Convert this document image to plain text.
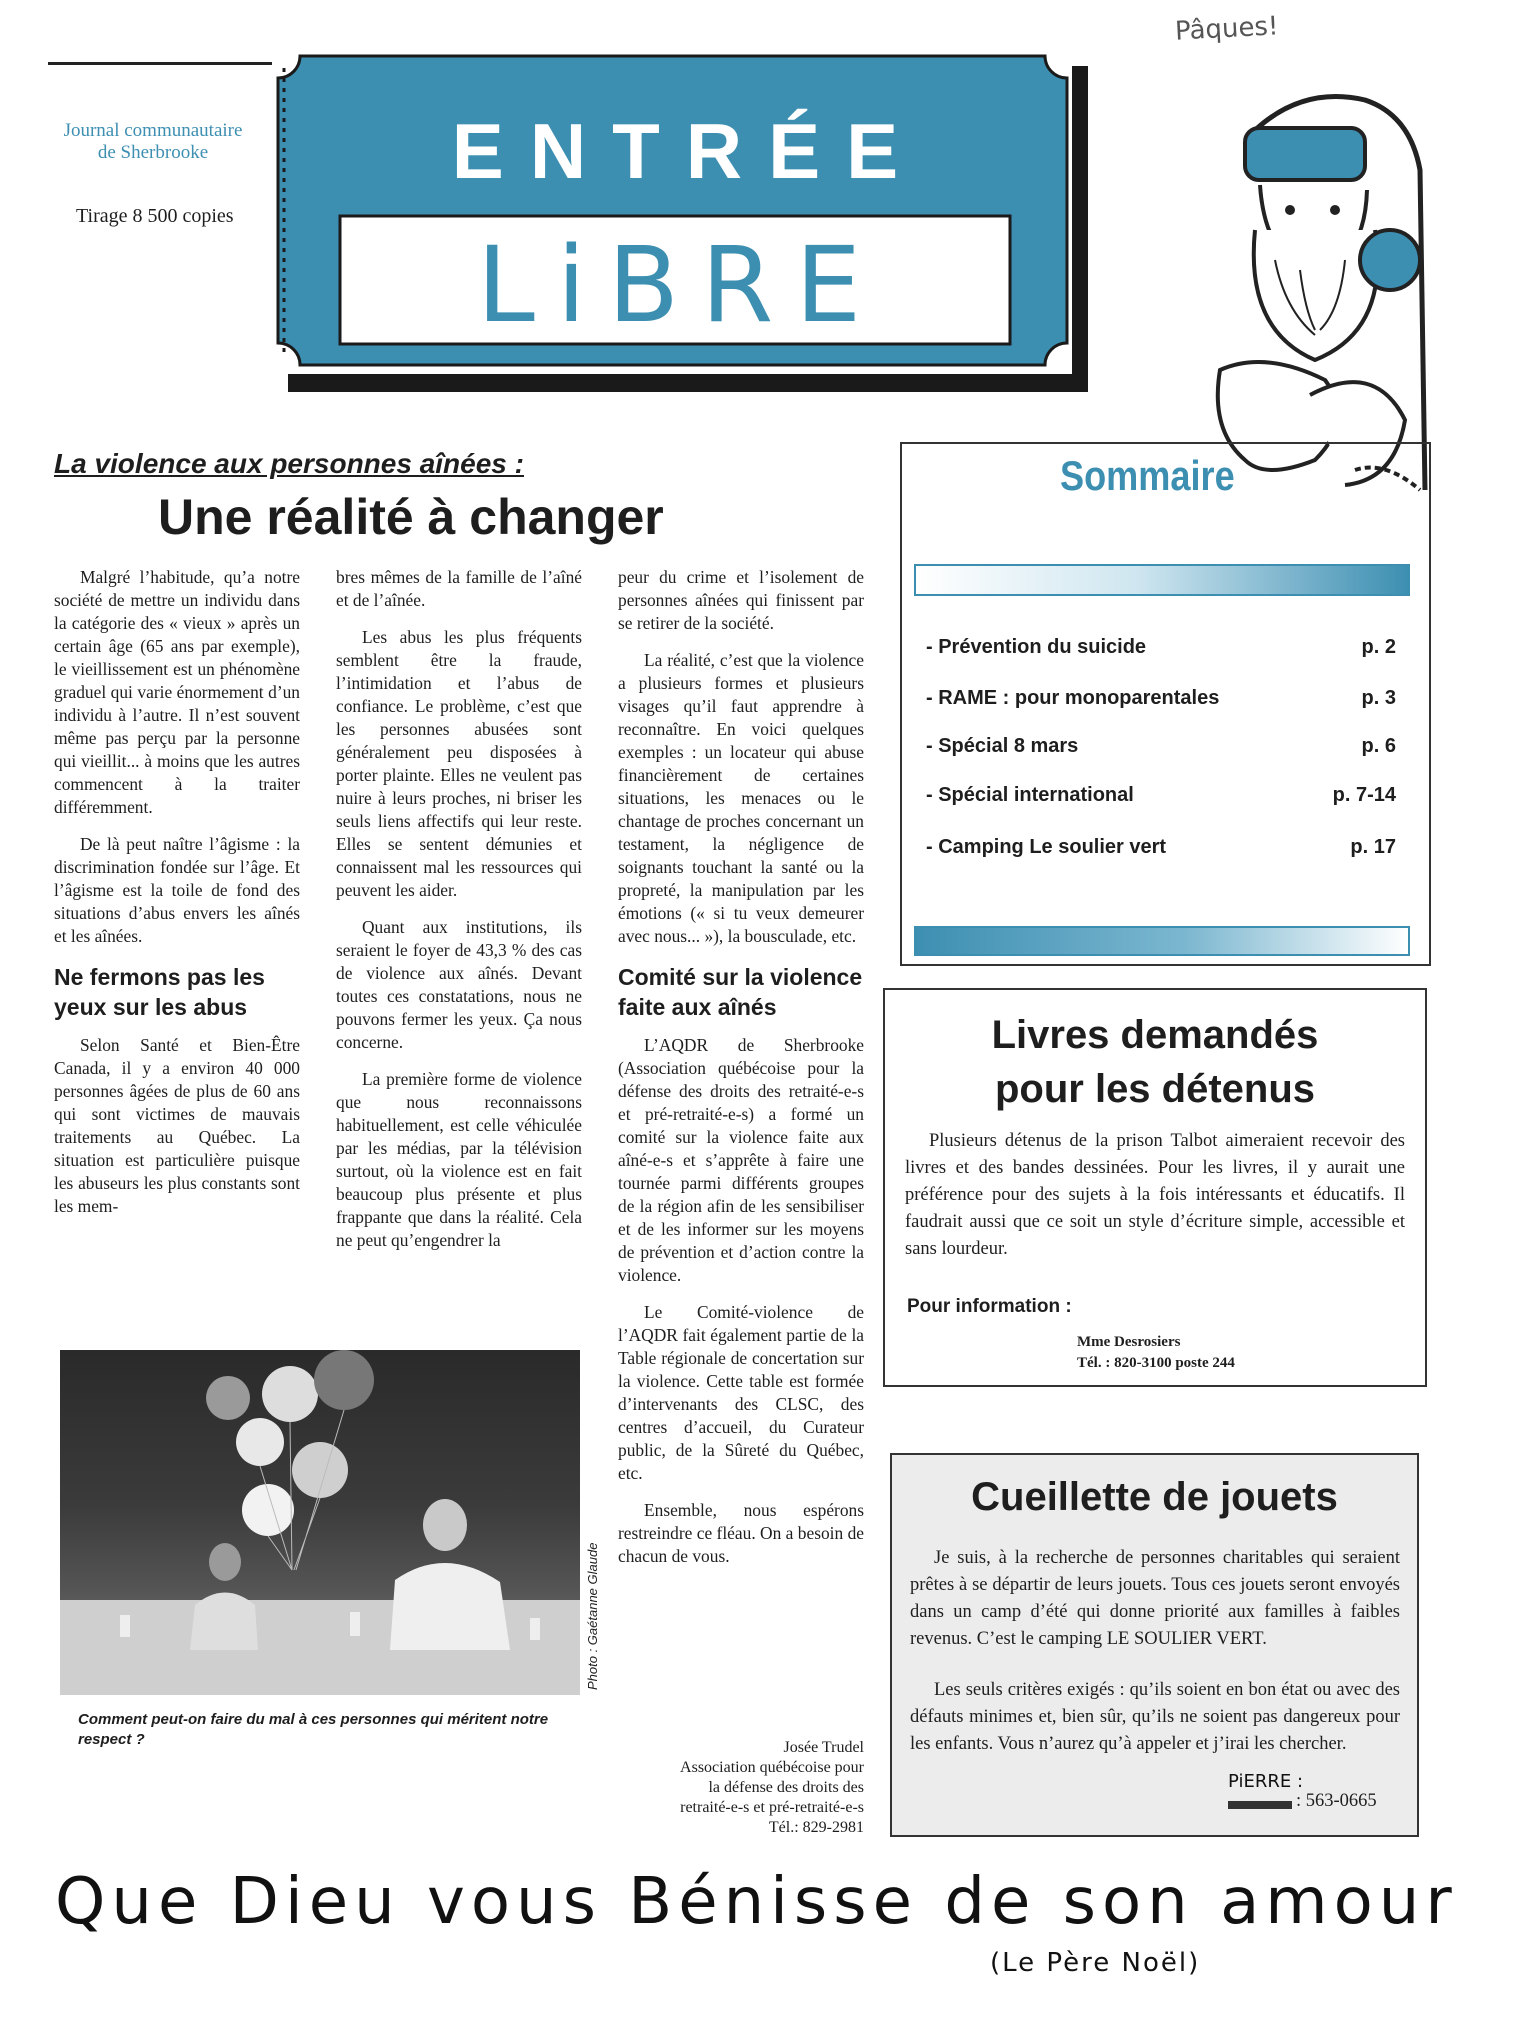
Pâques!
Journal communautaire
de Sherbrooke
Tirage 8 500 copies
ENTRÉE
LiBRE
La violence aux personnes aînées :
Une réalité à changer

Malgré l’habitude, qu’a notre société de mettre un individu dans la catégorie des « vieux » après un certain âge (65 ans par exemple), le vieillissement est un phénomène graduel qui varie énormement d’un individu à l’autre. Il n’est souvent même pas perçu par la personne qui vieillit... à moins que les autres commencent à la traiter différemment.

De là peut naître l’âgisme : la discrimination fondée sur l’âge. Et l’âgisme est la toile de fond des situations d’abus envers les aînés et les aînées.

Ne fermons pas les yeux sur les abus

Selon Santé et Bien-Être Canada, il y a environ 40 000 personnes âgées de plus de 60 ans qui sont victimes de mauvais traitements au Québec. La situation est particulière puisque les abuseurs les plus constants sont les mem-

bres mêmes de la famille de l’aîné et de l’aînée.

Les abus les plus fréquents semblent être la fraude, l’intimidation et l’abus de confiance. Le problème, c’est que les personnes abusées sont généralement peu disposées à porter plainte. Elles ne veulent pas nuire à leurs proches, ni briser les seuls liens affectifs qui leur reste. Elles se sentent démunies et connaissent mal les ressources qui peuvent les aider.

Quant aux institutions, ils seraient le foyer de 43,3 % des cas de violence aux aînés. Devant toutes ces constatations, nous ne pouvons fermer les yeux. Ça nous concerne.

La première forme de violence que nous reconnaissons habituellement, est celle véhiculée par les médias, par la télévision surtout, où la violence est en fait beaucoup plus présente et plus frappante que dans la réalité. Cela ne peut qu’engendrer la

peur du crime et l’isolement de personnes aînées qui finissent par se retirer de la société.

La réalité, c’est que la violence a plusieurs formes et plusieurs visages qu’il faut apprendre à reconnaître. En voici quelques exemples : un locateur qui abuse financièrement de certaines situations, les menaces ou le chantage de proches concernant un testament, la négligence de soignants touchant la santé ou la propreté, la manipulation par les émotions (« si tu veux demeurer avec nous... »), la bousculade, etc.

Comité sur la violence faite aux aînés

L’AQDR de Sherbrooke (Association québécoise pour la défense des droits des retraité-e-s et pré-retraité-e-s) a formé un comité sur la violence faite aux aîné-e-s et s’apprête à faire une tournée parmi différents groupes de la région afin de les sensibiliser et de les informer sur les moyens de prévention et d’action contre la violence.

Le Comité-violence de l’AQDR fait également partie de la Table régionale de concertation sur la violence. Cette table est formée d’intervenants des CLSC, des centres d’accueil, du Curateur public, de la Sûreté du Québec, etc.

Ensemble, nous espérons restreindre ce fléau. On a besoin de chacun de vous.

Josée Trudel
Association québécoise pour
la défense des droits des
retraité-e-s et pré-retraité-e-s
Tél.: 829-2981
Photo : Gaétanne Glaude
Comment peut-on faire du mal à ces personnes qui méritent notre respect ?
Sommaire
- Prévention du suicide	p. 2
- RAME : pour monoparentales	p. 3
- Spécial 8 mars	p. 6
- Spécial international	p. 7-14
- Camping Le soulier vert	p. 17
Livres demandés
pour les détenus
Plusieurs détenus de la prison Talbot aimeraient recevoir des livres et des bandes dessinées. Pour les livres, il y aurait une préférence pour des sujets à la fois intéressants et éducatifs. Il faudrait aussi que ce soit un style d’écriture simple, accessible et sans lourdeur.
Pour information :
Mme Desrosiers
Tél. : 820-3100 poste 244
Cueillette de jouets
Je suis, à la recherche de personnes charitables qui seraient prêtes à se départir de leurs jouets. Tous ces jouets seront envoyés dans un camp d’été qui donne priorité aux familles à faibles revenus. C’est le camping LE SOULIER VERT.
Les seuls critères exigés : qu’ils soient en bon état ou avec des défauts minimes et, bien sûr, qu’ils ne soient pas dangereux pour les enfants. Vous n’aurez qu’à appeler et j’irai les chercher.
PiERRE :
: 563-0665
Que Dieu vous Bénisse de son amour
(Le Père Noël)
